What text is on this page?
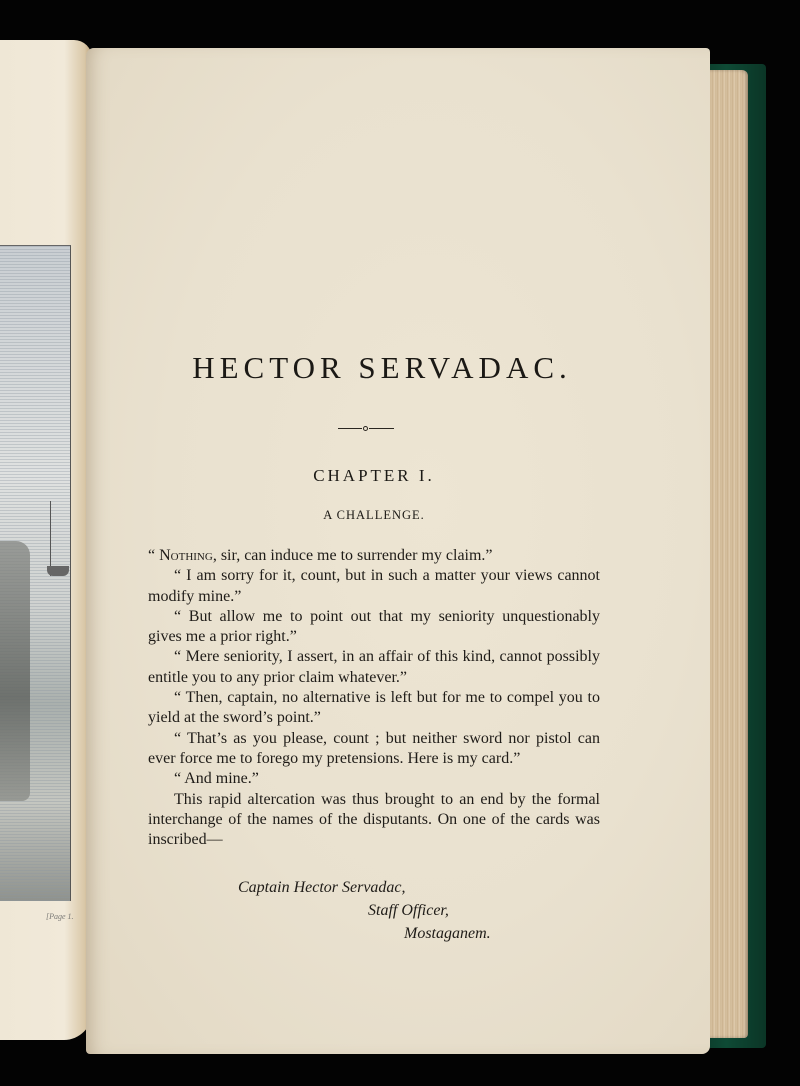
[Page 1.
HECTOR SERVADAC.
CHAPTER I.
A CHALLENGE.

“ Nothing, sir, can induce me to surrender my claim.”

“ I am sorry for it, count, but in such a matter your views cannot modify mine.”

“ But allow me to point out that my seniority unquestionably gives me a prior right.”

“ Mere seniority, I assert, in an affair of this kind, cannot possibly entitle you to any prior claim whatever.”

“ Then, captain, no alternative is left but for me to compel you to yield at the sword’s point.”

“ That’s as you please, count ; but neither sword nor pistol can ever force me to forego my pretensions. Here is my card.”

“ And mine.”

This rapid altercation was thus brought to an end by the formal interchange of the names of the disputants. On one of the cards was inscribed—

Captain Hector Servadac,
Staff Officer,
Mostaganem.
